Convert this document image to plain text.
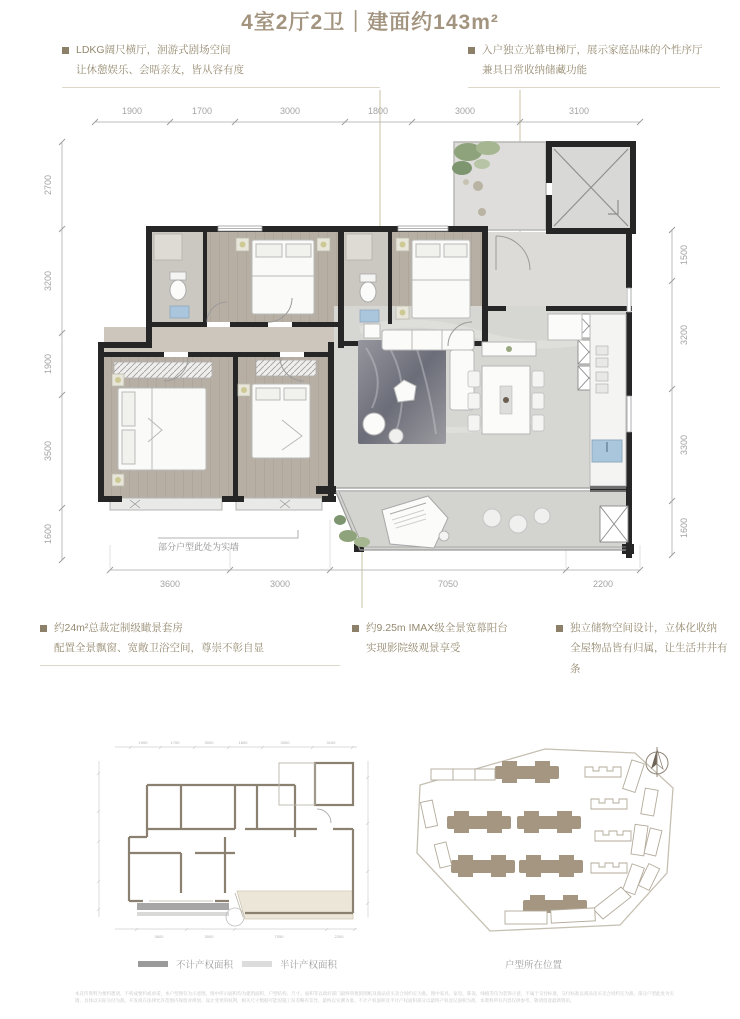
4室2厅2卫｜建面约143m²
LDKG阔尺横厅，洄游式剧场空间
让休憩娱乐、会晤亲友，皆从容有度
入户独立光幕电梯厅，展示家庭品味的个性序厅
兼具日常收纳储藏功能
1900	1700	3000	1800	3000	3100
2700
3200
1900
3500
1600
1500
3200
3300
1600
3600	3000	7050	2200
部分户型此处为实墙
约24m²总裁定制级瞰景套房
配置全景飘窗、宽敞卫浴空间，尊崇不彰自显
约9.25m IMAX级全景宽幕阳台
实现影院级观景享受
独立储物空间设计，立体化收纳
全屋物品皆有归属，让生活井井有条
1900	1700	3000	1800	3000	3100
3600	3000	7050	2200
不计产权面积	半计产权面积	户型所在位置
本宣传资料为要约邀请，不构成要约或承诺，本户型图仅为示意图，图中所示面积均为建筑面积，户型结构、尺寸、面积等以政府部门最终审批的图纸及商品房买卖合同约定为准。图中家具、家电、陈设、绿植等仅为装饰示意，不属于交付标准，交付标准以商品房买卖合同约定为准。部分户型此处为实墙，具体以实际交付为准。开发商在法律允许范围内保留对规划、设计变更的权利，相关尺寸数据可能因施工误差略有差异，最终以实测为准。不计产权面积及半计产权面积部分以最终产权登记面积为准，本资料所有内容仅供参考，敬请留意最新资讯。
